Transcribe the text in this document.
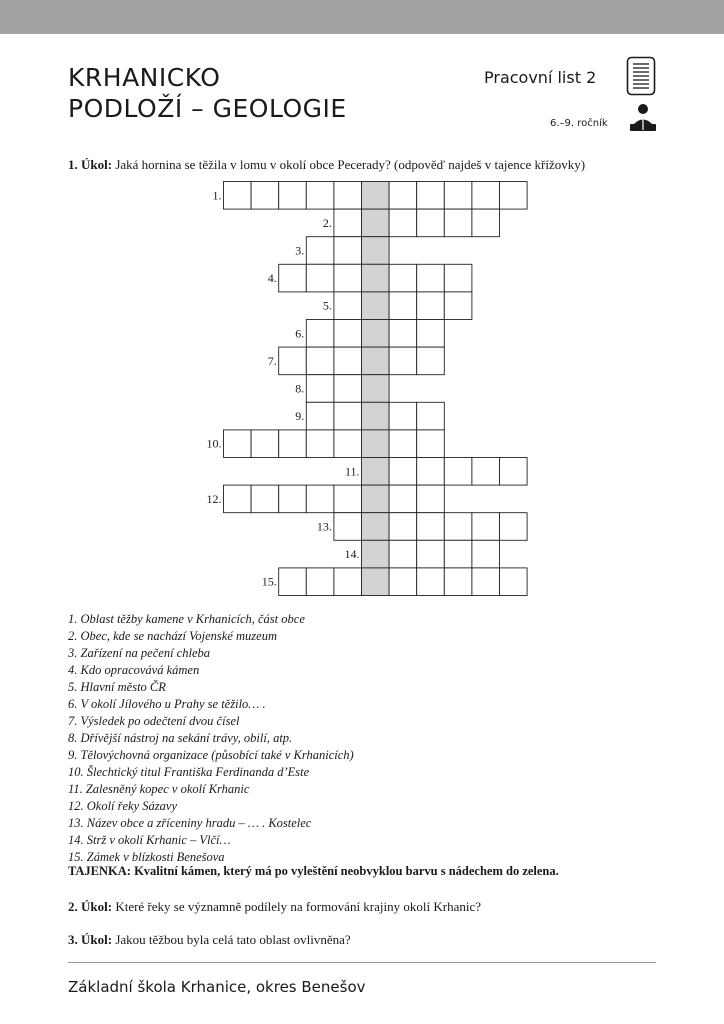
KRHANICKO
PODLOŽÍ – GEOLOGIE
Pracovní list 2
6.–9. ročník
1. Úkol: Jaká hornina se těžila v lomu v okolí obce Pecerady? (odpověď najdeš v tajence křížovky)
1.
2.
3.
4.
5.
6.
7.
8.
9.
10.
11.
12.
13.
14.
15.
1. Oblast těžby kamene v Krhanicích, část obce
2. Obec, kde se nachází Vojenské muzeum
3. Zařízení na pečení chleba
4. Kdo opracovává kámen
5. Hlavní město ČR
6. V okolí Jílového u Prahy se těžilo… .
7. Výsledek po odečtení dvou čísel
8. Dřívější nástroj na sekání trávy, obilí, atp.
9. Tělovýchovná organizace (působící také v Krhanicích)
10. Šlechtický titul Františka Ferdinanda d’Este
11. Zalesněný kopec v okolí Krhanic
12. Okolí řeky Sázavy
13. Název obce a zříceniny hradu – … . Kostelec
14. Strž v okolí Krhanic – Vlčí…
15. Zámek v blízkosti Benešova
TAJENKA: Kvalitní kámen, který má po vyleštění neobvyklou barvu s nádechem do zelena.
2. Úkol: Které řeky se významně podílely na formování krajiny okolí Krhanic?
3. Úkol: Jakou těžbou byla celá tato oblast ovlivněna?
Základní škola Krhanice, okres Benešov
